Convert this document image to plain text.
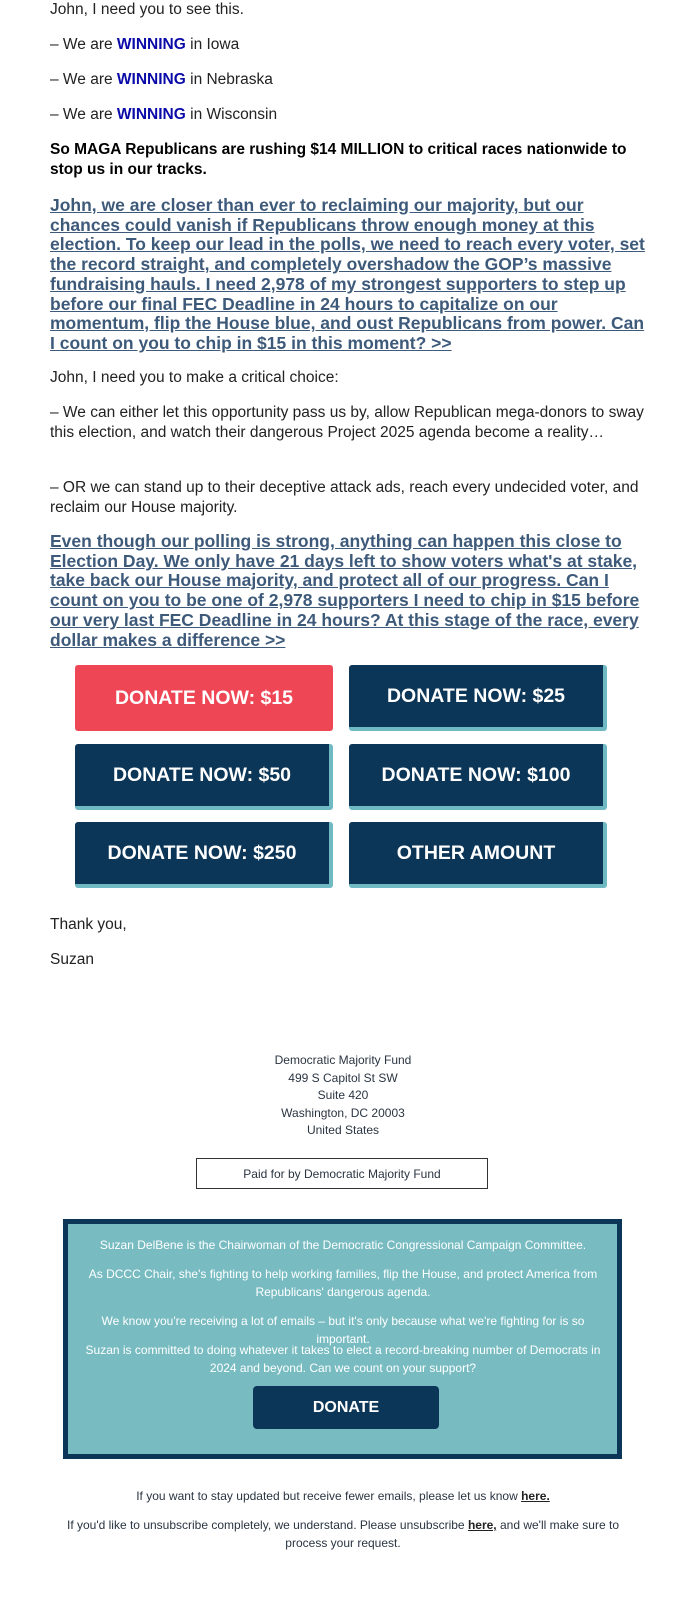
John, I need you to see this.

– We are WINNING in Iowa

– We are WINNING in Nebraska

– We are WINNING in Wisconsin

So MAGA Republicans are rushing $14 MILLION to critical races nationwide to stop us in our tracks.

John, we are closer than ever to reclaiming our majority, but our chances could vanish if Republicans throw enough money at this election. To keep our lead in the polls, we need to reach every voter, set the record straight, and completely overshadow the GOP’s massive fundraising hauls. I need 2,978 of my strongest supporters to step up before our final FEC Deadline in 24 hours to capitalize on our momentum, flip the House blue, and oust Republicans from power. Can I count on you to chip in $15 in this moment? >>

John, I need you to make a critical choice:

– We can either let this opportunity pass us by, allow Republican mega-donors to sway this election, and watch their dangerous Project 2025 agenda become a reality…

– OR we can stand up to their deceptive attack ads, reach every undecided voter, and reclaim our House majority.

Even though our polling is strong, anything can happen this close to Election Day. We only have 21 days left to show voters what's at stake, take back our House majority, and protect all of our progress. Can I count on you to be one of 2,978 supporters I need to chip in $15 before our very last FEC Deadline in 24 hours? At this stage of the race, every dollar makes a difference >>
DONATE NOW: $15	DONATE NOW: $25
DONATE NOW: $50	DONATE NOW: $100
DONATE NOW: $250	OTHER AMOUNT

Thank you,

Suzan

Democratic Majority Fund
499 S Capitol St SW
Suite 420
Washington, DC 20003
United States
Paid for by Democratic Majority Fund

Suzan DelBene is the Chairwoman of the Democratic Congressional Campaign Committee.

As DCCC Chair, she's fighting to help working families, flip the House, and protect America from Republicans' dangerous agenda.

We know you're receiving a lot of emails – but it's only because what we're fighting for is so important.

Suzan is committed to doing whatever it takes to elect a record-breaking number of Democrats in 2024 and beyond. Can we count on your support?

DONATE
If you want to stay updated but receive fewer emails, please let us know here.
If you'd like to unsubscribe completely, we understand. Please unsubscribe here, and we'll make sure to process your request.
